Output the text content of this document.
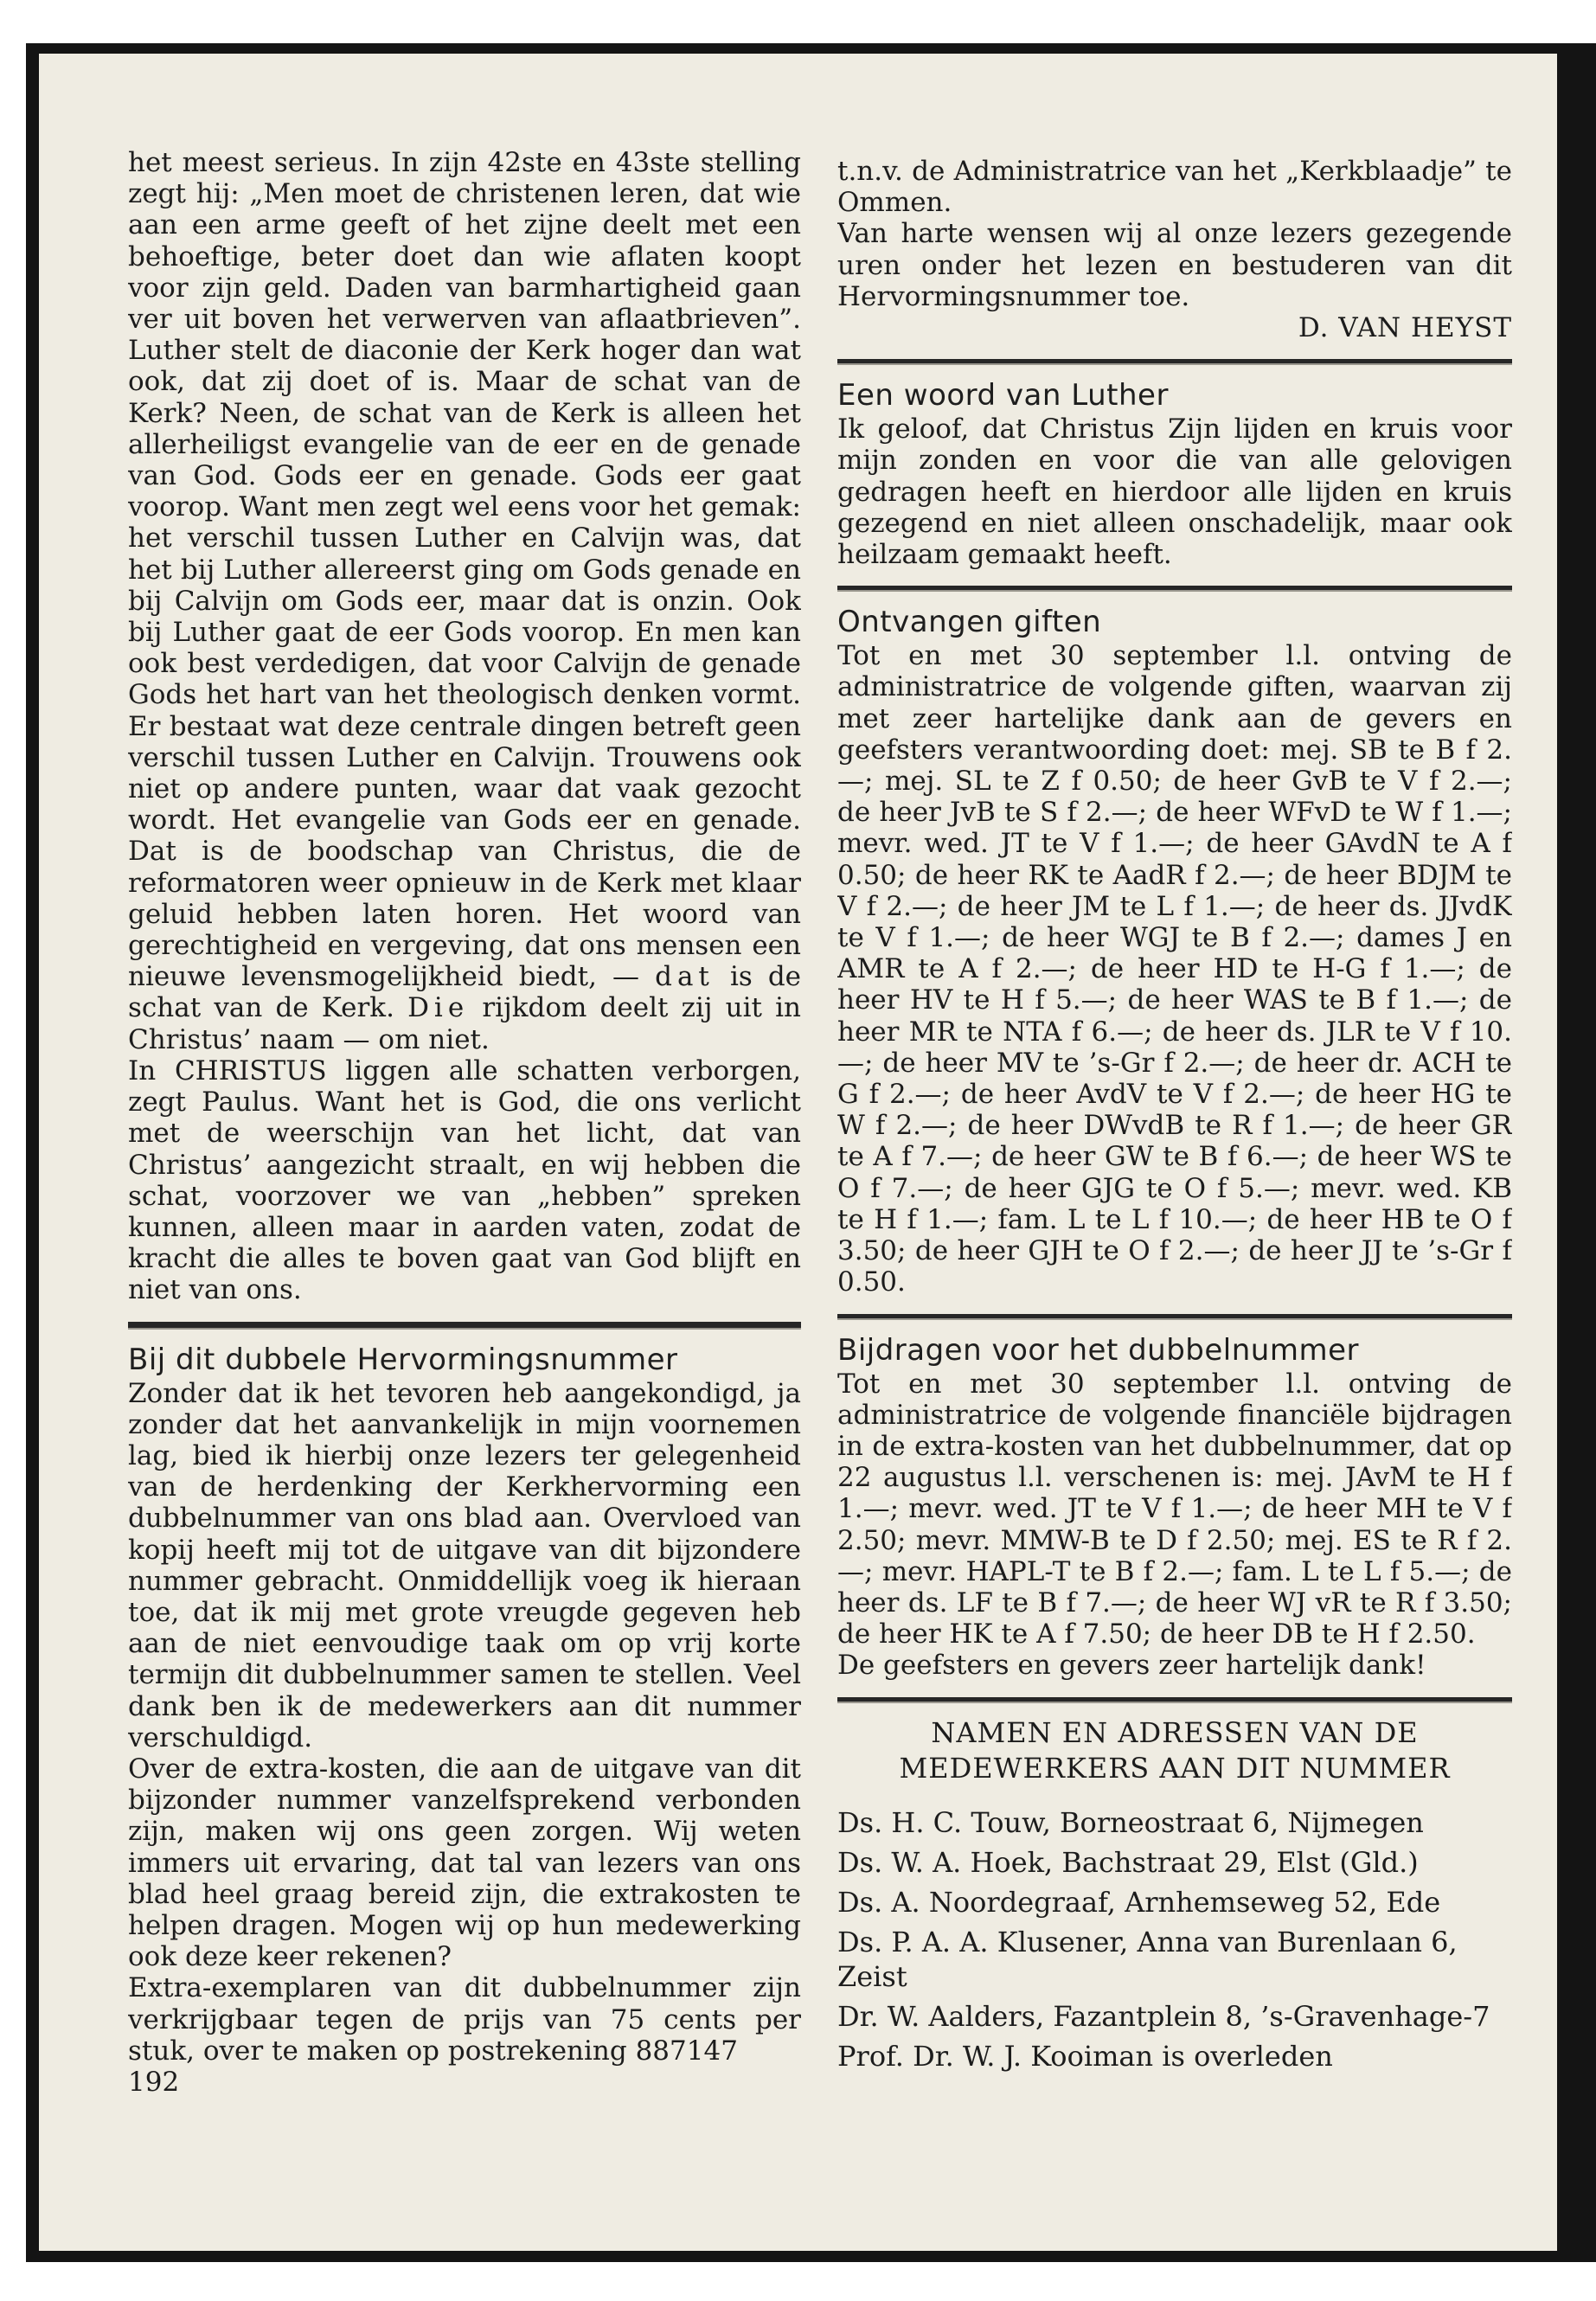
het meest serieus. In zijn 42ste en 43ste stelling zegt hij: „Men moet de christenen leren, dat wie aan een arme geeft of het zijne deelt met een behoeftige, beter doet dan wie aflaten koopt voor zijn geld. Daden van barmhartigheid gaan ver uit boven het verwerven van aflaatbrieven”. Luther stelt de diaconie der Kerk hoger dan wat ook, dat zij doet of is. Maar de schat van de Kerk? Neen, de schat van de Kerk is alleen het allerheiligst evangelie van de eer en de genade van God. Gods eer en genade. Gods eer gaat voorop. Want men zegt wel eens voor het gemak: het verschil tussen Luther en Calvijn was, dat het bij Luther allereerst ging om Gods genade en bij Calvijn om Gods eer, maar dat is onzin. Ook bij Luther gaat de eer Gods voorop. En men kan ook best verdedigen, dat voor Calvijn de genade Gods het hart van het theologisch denken vormt. Er bestaat wat deze centrale dingen betreft geen verschil tussen Luther en Calvijn. Trouwens ook niet op andere punten, waar dat vaak gezocht wordt. Het evangelie van Gods eer en genade. Dat is de boodschap van Christus, die de reformatoren weer opnieuw in de Kerk met klaar geluid hebben laten horen. Het woord van gerechtigheid en vergeving, dat ons mensen een nieuwe levensmogelijkheid biedt, — dat is de schat van de Kerk. Die rijkdom deelt zij uit in Christus’ naam — om niet.

In CHRISTUS liggen alle schatten verborgen, zegt Paulus. Want het is God, die ons verlicht met de weerschijn van het licht, dat van Christus’ aangezicht straalt, en wij hebben die schat, voorzover we van „hebben” spreken kunnen, alleen maar in aarden vaten, zodat de kracht die alles te boven gaat van God blijft en niet van ons.

Bij dit dubbele Hervormingsnummer

Zonder dat ik het tevoren heb aangekondigd, ja zonder dat het aanvankelijk in mijn voornemen lag, bied ik hierbij onze lezers ter gelegenheid van de herdenking der Kerkhervorming een dubbelnummer van ons blad aan. Overvloed van kopij heeft mij tot de uitgave van dit bijzondere nummer gebracht. Onmiddellijk voeg ik hieraan toe, dat ik mij met grote vreugde gegeven heb aan de niet eenvoudige taak om op vrij korte termijn dit dubbelnummer samen te stellen. Veel dank ben ik de medewerkers aan dit nummer verschuldigd.

Over de extra-kosten, die aan de uitgave van dit bijzonder nummer vanzelfsprekend verbonden zijn, maken wij ons geen zorgen. Wij weten immers uit ervaring, dat tal van lezers van ons blad heel graag bereid zijn, die extrakosten te helpen dragen. Mogen wij op hun medewerking ook deze keer rekenen?

Extra-exemplaren van dit dubbelnummer zijn verkrijgbaar tegen de prijs van 75 cents per stuk, over te maken op postrekening 887147

192

t.n.v. de Administratrice van het „Kerkblaadje” te Ommen.

Van harte wensen wij al onze lezers gezegende uren onder het lezen en bestuderen van dit Hervormingsnummer toe.

D. VAN HEYST

Een woord van Luther

Ik geloof, dat Christus Zijn lijden en kruis voor mijn zonden en voor die van alle gelovigen gedragen heeft en hierdoor alle lijden en kruis gezegend en niet alleen onschadelijk, maar ook heilzaam gemaakt heeft.

Ontvangen giften

Tot en met 30 september l.l. ontving de administratrice de volgende giften, waarvan zij met zeer hartelijke dank aan de gevers en geefsters verantwoording doet: mej. SB te B f 2.—; mej. SL te Z f 0.50; de heer GvB te V f 2.—; de heer JvB te S f 2.—; de heer WFvD te W f 1.—; mevr. wed. JT te V f 1.—; de heer GAvdN te A f 0.50; de heer RK te AadR f 2.—; de heer BDJM te V f 2.—; de heer JM te L f 1.—; de heer ds. JJvdK te V f 1.—; de heer WGJ te B f 2.—; dames J en AMR te A f 2.—; de heer HD te H-G f 1.—; de heer HV te H f 5.—; de heer WAS te B f 1.—; de heer MR te NTA f 6.—; de heer ds. JLR te V f 10.—; de heer MV te ’s-Gr f 2.—; de heer dr. ACH te G f 2.—; de heer AvdV te V f 2.—; de heer HG te W f 2.—; de heer DWvdB te R f 1.—; de heer GR te A f 7.—; de heer GW te B f 6.—; de heer WS te O f 7.—; de heer GJG te O f 5.—; mevr. wed. KB te H f 1.—; fam. L te L f 10.—; de heer HB te O f 3.50; de heer GJH te O f 2.—; de heer JJ te ’s-Gr f 0.50.

Bijdragen voor het dubbelnummer

Tot en met 30 september l.l. ontving de administratrice de volgende financiële bijdragen in de extra-kosten van het dubbelnummer, dat op 22 augustus l.l. verschenen is: mej. JAvM te H f 1.—; mevr. wed. JT te V f 1.—; de heer MH te V f 2.50; mevr. MMW-B te D f 2.50; mej. ES te R f 2.—; mevr. HAPL-T te B f 2.—; fam. L te L f 5.—; de heer ds. LF te B f 7.—; de heer WJ vR te R f 3.50; de heer HK te A f 7.50; de heer DB te H f 2.50.

De geefsters en gevers zeer hartelijk dank!

NAMEN EN ADRESSEN VAN DE

MEDEWERKERS AAN DIT NUMMER

Ds. H. C. Touw, Borneostraat 6, Nijmegen

Ds. W. A. Hoek, Bachstraat 29, Elst (Gld.)

Ds. A. Noordegraaf, Arnhemseweg 52, Ede

Ds. P. A. A. Klusener, Anna van Burenlaan 6, Zeist

Dr. W. Aalders, Fazantplein 8, ’s-Gravenhage-7

Prof. Dr. W. J. Kooiman is overleden
